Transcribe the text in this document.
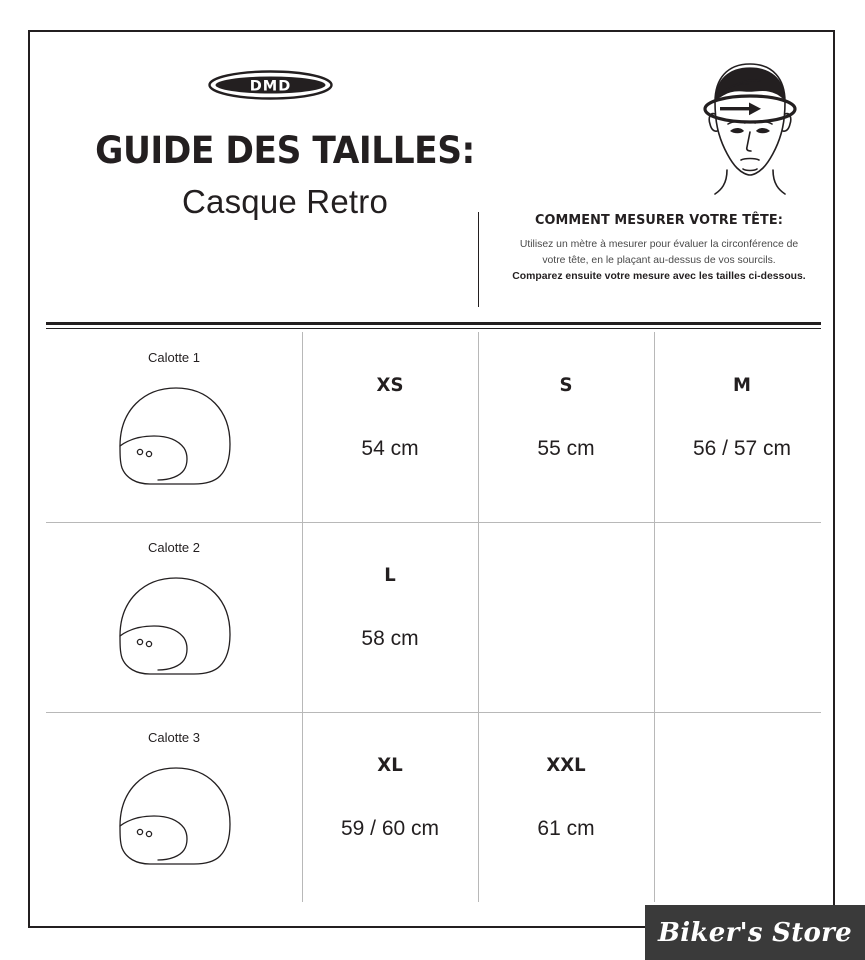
DMD
GUIDE DES TAILLES:
Casque Retro
COMMENT MESURER VOTRE TÊTE:
Utilisez un mètre à mesurer pour évaluer la circonférence de
votre tête, en le plaçant au-dessus de vos sourcils.
Comparez ensuite votre mesure avec les tailles ci-dessous.
Calotte 1
XS
54 cm
S
55 cm
M
56 / 57 cm
Calotte 2
L
58 cm
Calotte 3
XL
59 / 60 cm
XXL
61 cm
Biker's Store
